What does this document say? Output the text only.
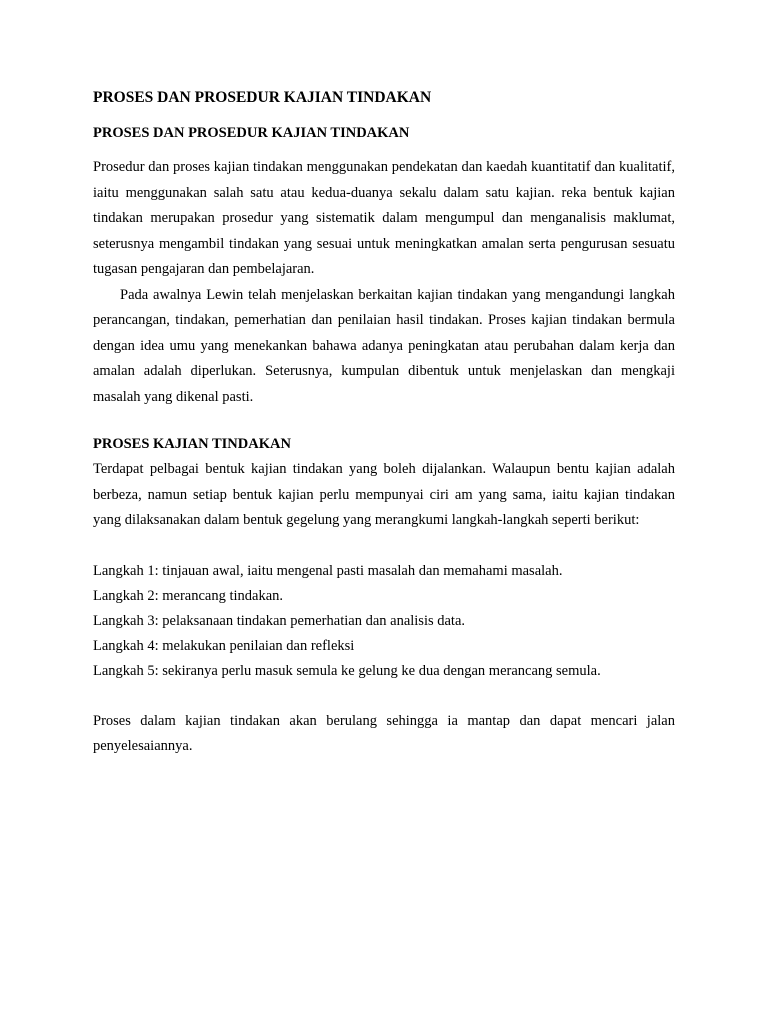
PROSES DAN PROSEDUR KAJIAN TINDAKAN
PROSES DAN PROSEDUR KAJIAN TINDAKAN

Prosedur dan proses kajian tindakan menggunakan pendekatan dan kaedah kuantitatif dan kualitatif, iaitu menggunakan salah satu atau kedua-duanya sekalu dalam satu kajian. reka bentuk kajian tindakan merupakan prosedur yang sistematik dalam mengumpul dan menganalisis maklumat, seterusnya mengambil tindakan yang sesuai untuk meningkatkan amalan serta pengurusan sesuatu tugasan pengajaran dan pembelajaran.

Pada awalnya Lewin telah menjelaskan berkaitan kajian tindakan yang mengandungi langkah perancangan, tindakan, pemerhatian dan penilaian hasil tindakan. Proses kajian tindakan bermula dengan idea umu yang menekankan bahawa adanya peningkatan atau perubahan dalam kerja dan amalan adalah diperlukan. Seterusnya, kumpulan dibentuk untuk menjelaskan dan mengkaji masalah yang dikenal pasti.

PROSES KAJIAN TINDAKAN

Terdapat pelbagai bentuk kajian tindakan yang boleh dijalankan. Walaupun bentu kajian adalah berbeza, namun setiap bentuk kajian perlu mempunyai ciri am yang sama, iaitu kajian tindakan yang dilaksanakan dalam bentuk gegelung yang merangkumi langkah-langkah seperti berikut:

Langkah 1: tinjauan awal, iaitu mengenal pasti masalah dan memahami masalah.
Langkah 2: merancang tindakan.
Langkah 3: pelaksanaan tindakan pemerhatian dan analisis data.
Langkah 4: melakukan penilaian dan refleksi
Langkah 5: sekiranya perlu masuk semula ke gelung ke dua dengan merancang semula.

Proses dalam kajian tindakan akan berulang sehingga ia mantap dan dapat mencari jalan penyelesaiannya.
